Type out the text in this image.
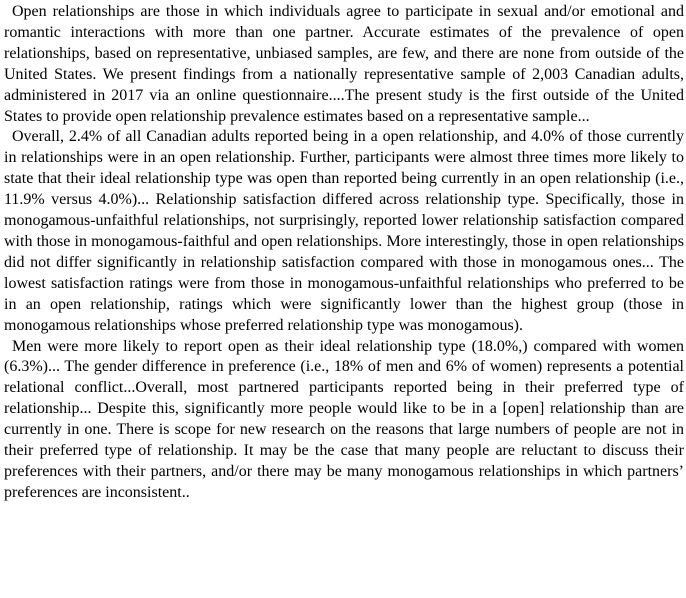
Open relationships are those in which individuals agree to participate in sexual and/or emotional and romantic interactions with more than one partner. Accurate estimates of the prevalence of open relationships, based on representative, unbiased samples, are few, and there are none from outside of the United States. We present findings from a nationally representative sample of 2,003 Canadian adults, administered in 2017 via an online questionnaire....The present study is the first outside of the United States to provide open relationship prevalence estimates based on a representative sample...

Overall, 2.4% of all Canadian adults reported being in a open relationship, and 4.0% of those currently in relationships were in an open relationship. Further, participants were almost three times more likely to state that their ideal relationship type was open than reported being currently in an open relationship (i.e., 11.9% versus 4.0%)... Relationship satisfaction differed across relationship type. Specifically, those in monogamous-unfaithful relationships, not surprisingly, reported lower relationship satisfaction compared with those in monogamous-faithful and open relationships. More interestingly, those in open relationships did not differ significantly in relationship satisfaction compared with those in monogamous ones... The lowest satisfaction ratings were from those in monogamous-unfaithful relationships who preferred to be in an open relationship, ratings which were significantly lower than the highest group (those in monogamous relationships whose preferred relationship type was monogamous).

Men were more likely to report open as their ideal relationship type (18.0%,) compared with women (6.3%)... The gender difference in preference (i.e., 18% of men and 6% of women) represents a potential relational conflict...Overall, most partnered participants reported being in their preferred type of relationship... Despite this, significantly more people would like to be in a [open] relationship than are currently in one. There is scope for new research on the reasons that large numbers of people are not in their preferred type of relationship. It may be the case that many people are reluctant to discuss their preferences with their partners, and/or there may be many monogamous relationships in which partners’ preferences are inconsistent..
